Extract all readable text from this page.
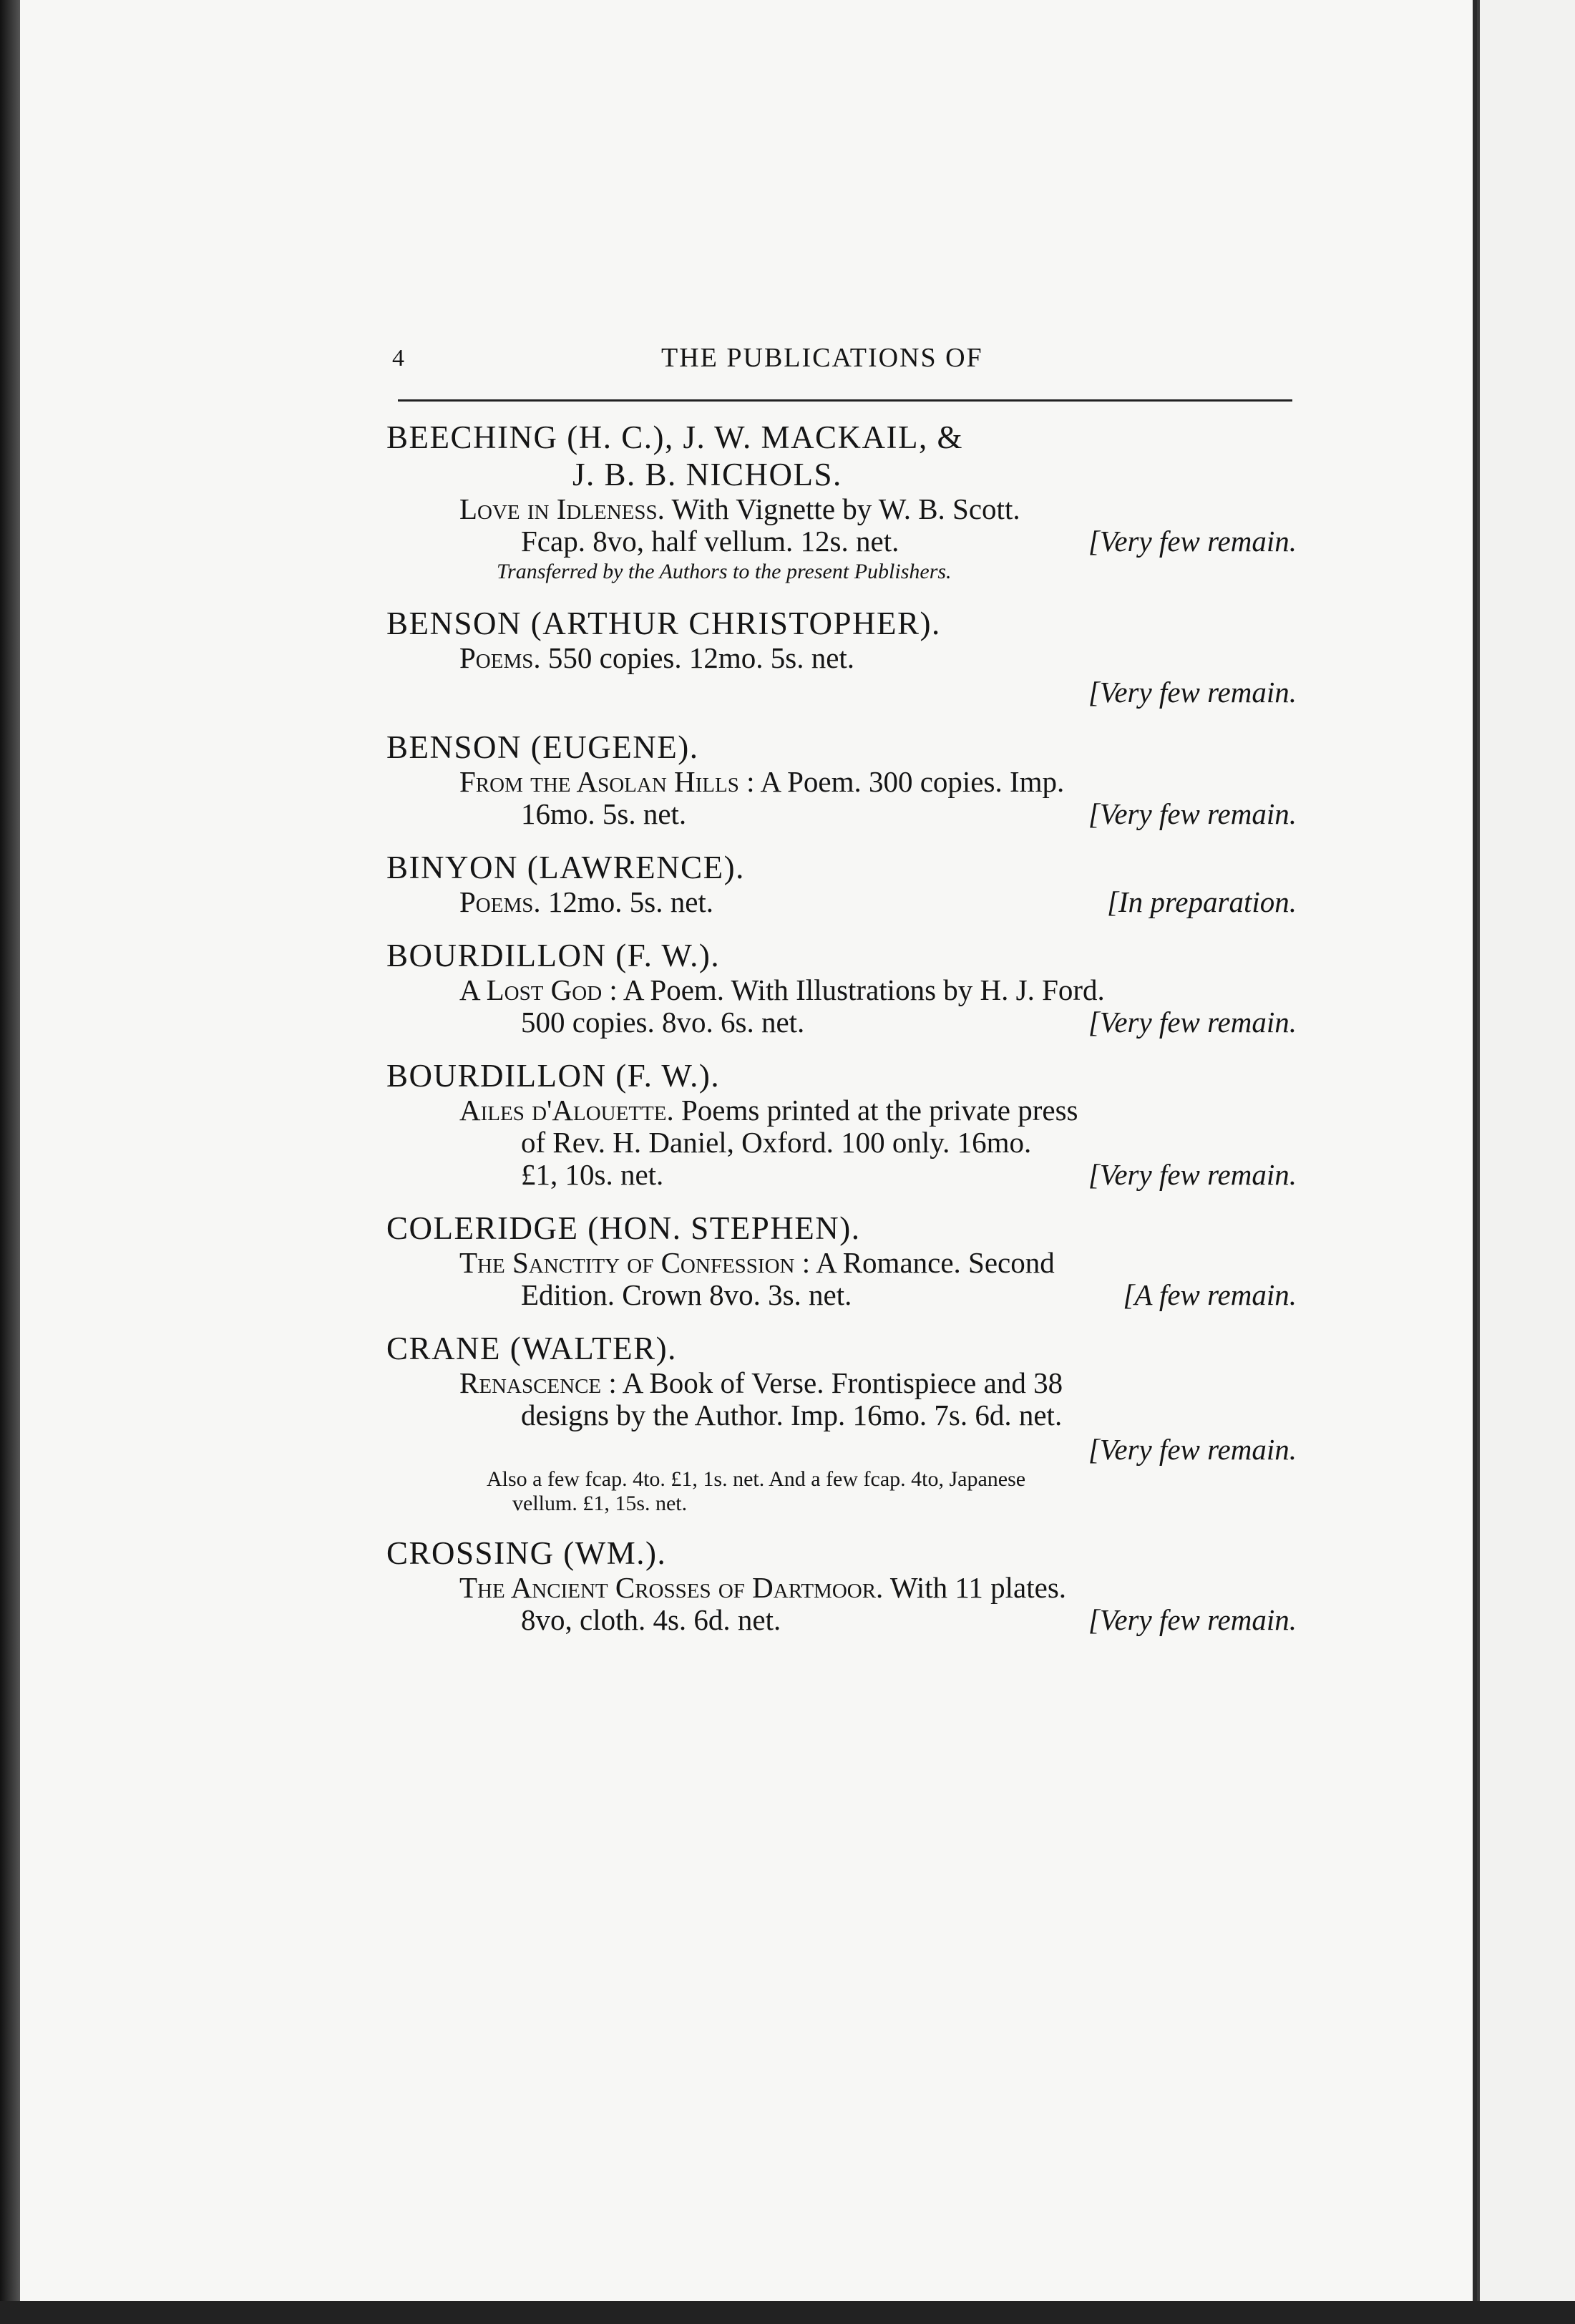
4	THE PUBLICATIONS OF
BEECHING (H. C.), J. W. MACKAIL, &
J. B. B. NICHOLS.
Love in Idleness. With Vignette by W. B. Scott.
Fcap. 8vo, half vellum. 12s. net.	[Very few remain.
Transferred by the Authors to the present Publishers.
BENSON (ARTHUR CHRISTOPHER).
Poems. 550 copies. 12mo. 5s. net.
[Very few remain.
BENSON (EUGENE).
From the Asolan Hills : A Poem. 300 copies. Imp.
16mo. 5s. net.	[Very few remain.
BINYON (LAWRENCE).
Poems. 12mo. 5s. net.	[In preparation.
BOURDILLON (F. W.).
A Lost God : A Poem. With Illustrations by H. J. Ford.
500 copies. 8vo. 6s. net.	[Very few remain.
BOURDILLON (F. W.).
Ailes d'Alouette. Poems printed at the private press
of Rev. H. Daniel, Oxford. 100 only. 16mo.
£1, 10s. net.	[Very few remain.
COLERIDGE (HON. STEPHEN).
The Sanctity of Confession : A Romance. Second
Edition. Crown 8vo. 3s. net.	[A few remain.
CRANE (WALTER).
Renascence : A Book of Verse. Frontispiece and 38
designs by the Author. Imp. 16mo. 7s. 6d. net.
[Very few remain.
Also a few fcap. 4to. £1, 1s. net. And a few fcap. 4to, Japanese
vellum. £1, 15s. net.
CROSSING (WM.).
The Ancient Crosses of Dartmoor. With 11 plates.
8vo, cloth. 4s. 6d. net.	[Very few remain.
